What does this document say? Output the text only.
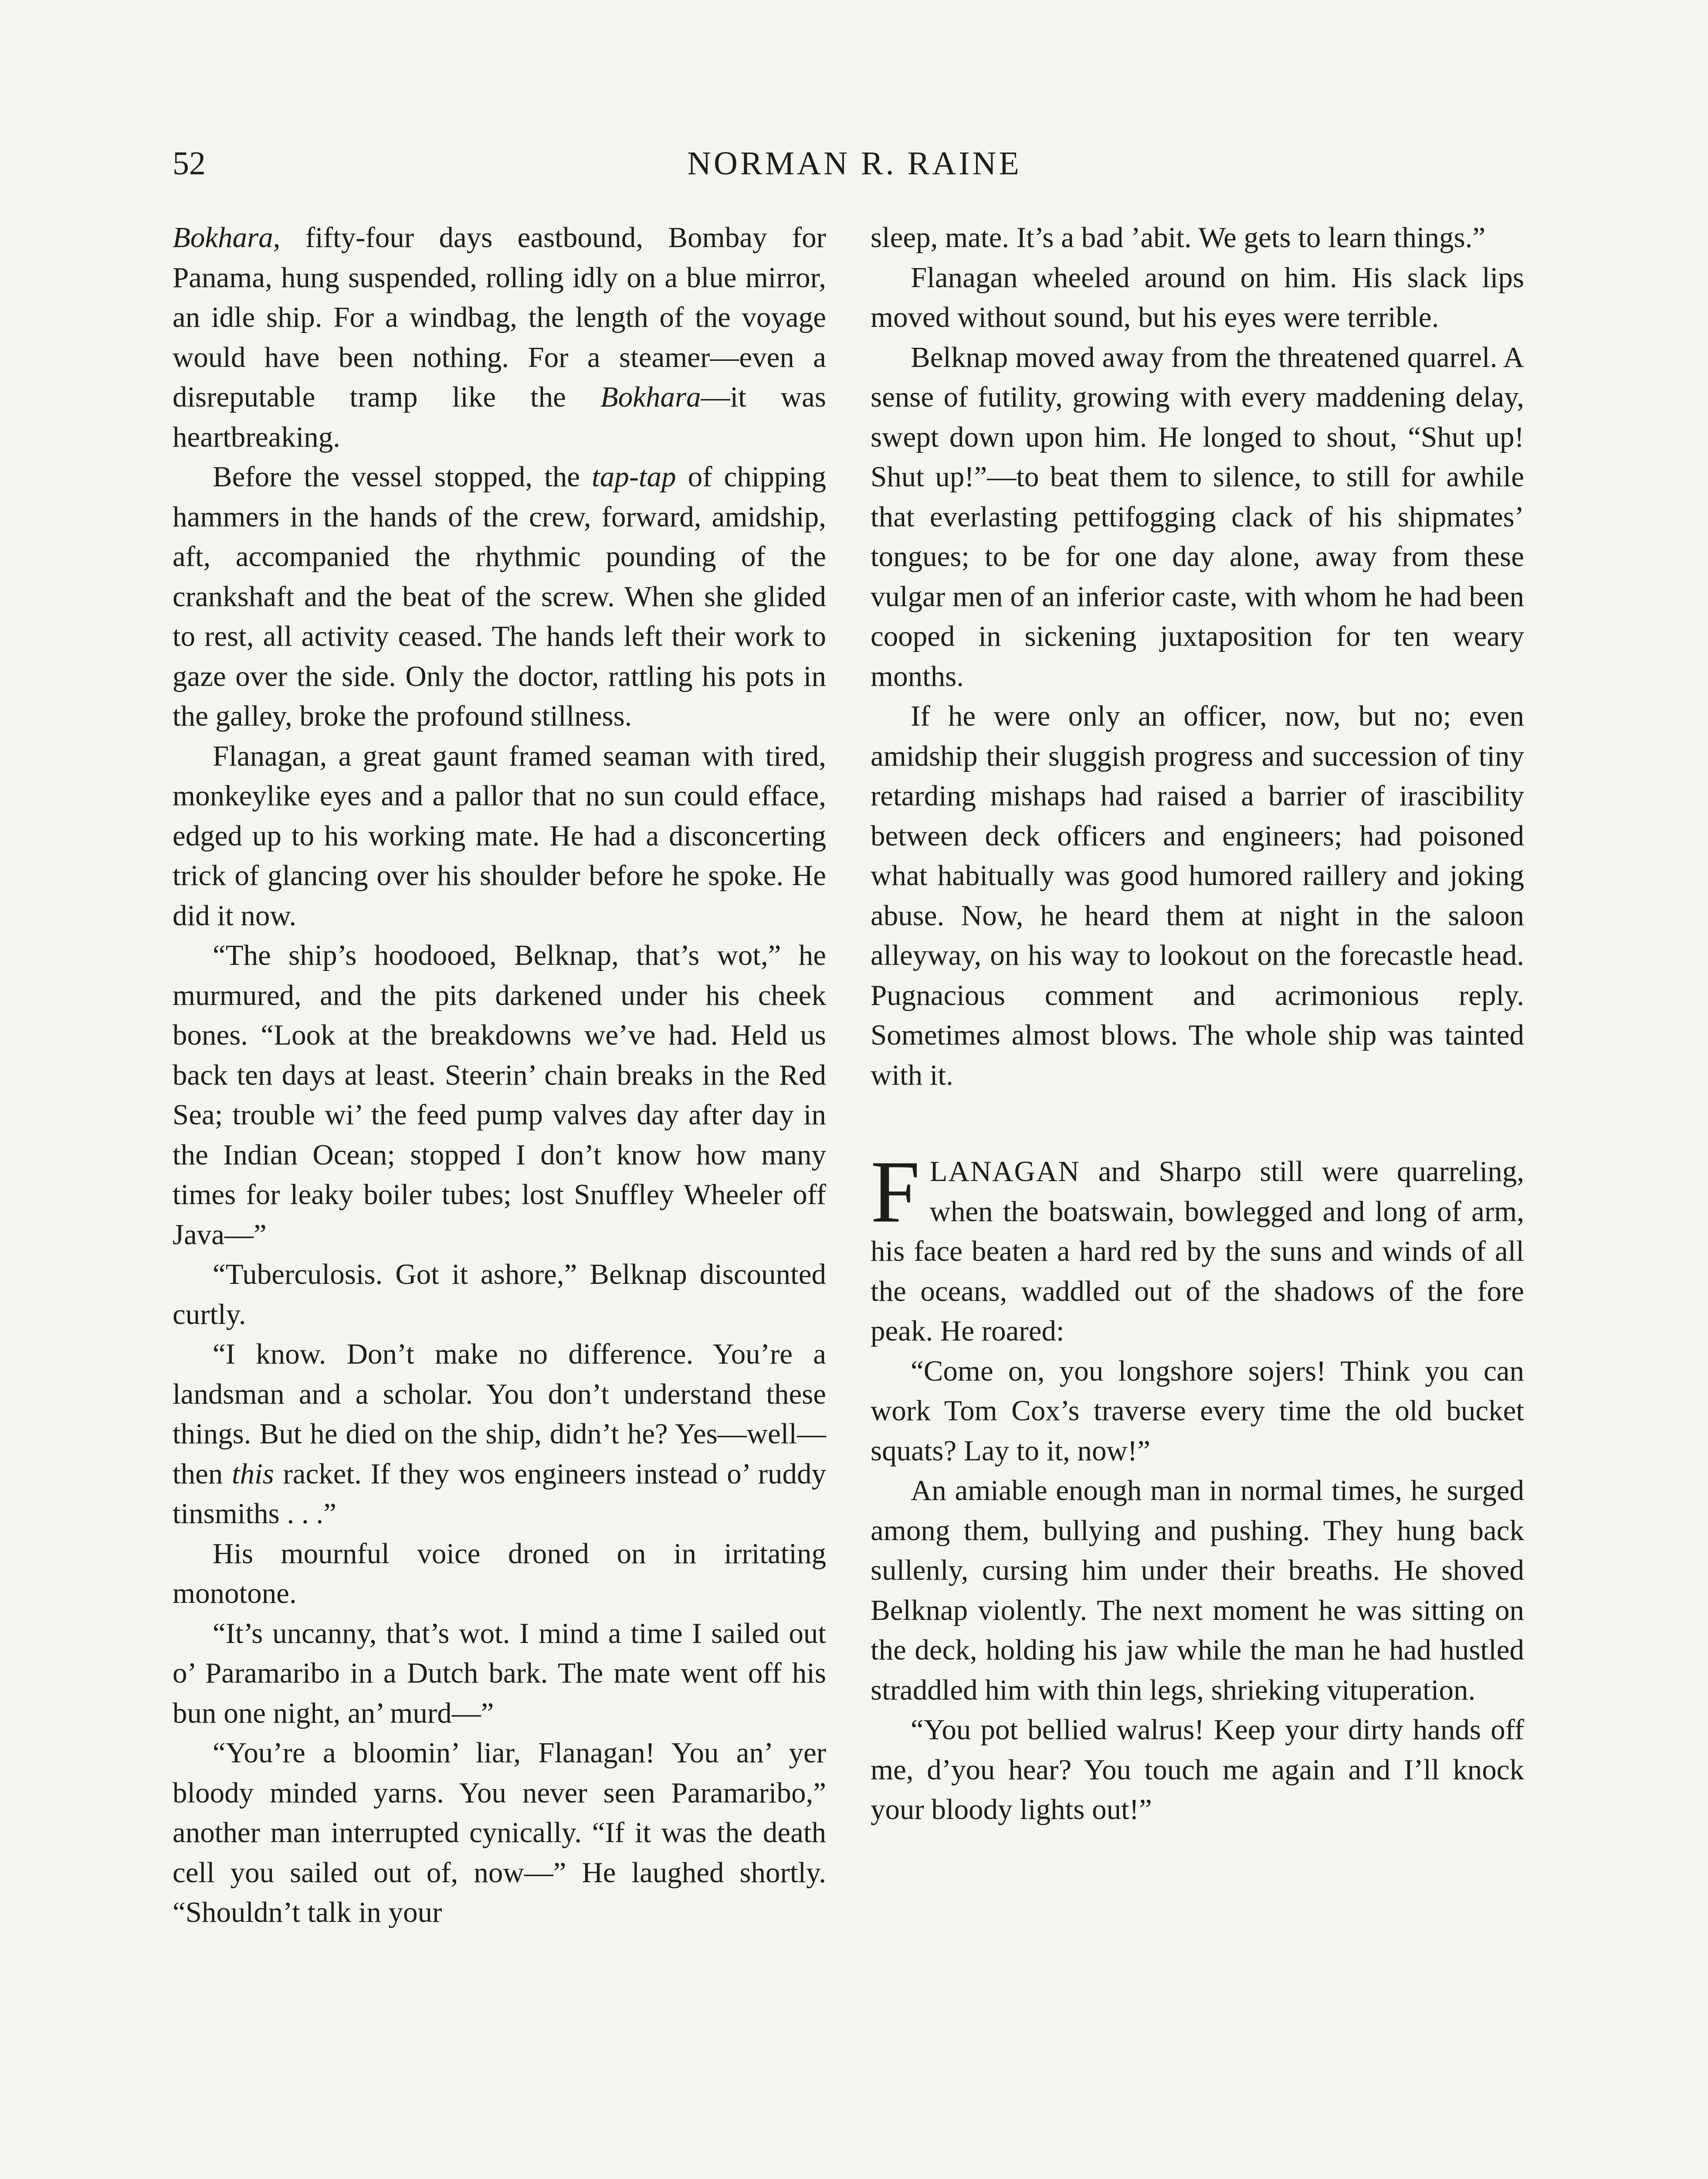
52	NORMAN R. RAINE

Bokhara, fifty-four days eastbound, Bombay for Panama, hung suspended, rolling idly on a blue mirror, an idle ship. For a windbag, the length of the voyage would have been nothing. For a steamer—even a disreputable tramp like the Bokhara—it was heartbreaking.

Before the vessel stopped, the tap-tap of chipping hammers in the hands of the crew, forward, amidship, aft, accompanied the rhythmic pounding of the crankshaft and the beat of the screw. When she glided to rest, all activity ceased. The hands left their work to gaze over the side. Only the doctor, rattling his pots in the galley, broke the profound stillness.

Flanagan, a great gaunt framed seaman with tired, monkeylike eyes and a pallor that no sun could efface, edged up to his working mate. He had a disconcerting trick of glancing over his shoulder before he spoke. He did it now.

“The ship’s hoodooed, Belknap, that’s wot,” he murmured, and the pits darkened under his cheek bones. “Look at the breakdowns we’ve had. Held us back ten days at least. Steerin’ chain breaks in the Red Sea; trouble wi’ the feed pump valves day after day in the Indian Ocean; stopped I don’t know how many times for leaky boiler tubes; lost Snuffley Wheeler off Java—”

“Tuberculosis. Got it ashore,” Belknap discounted curtly.

“I know. Don’t make no difference. You’re a landsman and a scholar. You don’t understand these things. But he died on the ship, didn’t he? Yes—well—then this racket. If they wos engineers instead o’ ruddy tinsmiths . . .”

His mournful voice droned on in irritating monotone.

“It’s uncanny, that’s wot. I mind a time I sailed out o’ Paramaribo in a Dutch bark. The mate went off his bun one night, an’ murd—”

“You’re a bloomin’ liar, Flanagan! You an’ yer bloody minded yarns. You never seen Paramaribo,” another man interrupted cynically. “If it was the death cell you sailed out of, now—” He laughed shortly. “Shouldn’t talk in your

sleep, mate. It’s a bad ’abit. We gets to learn things.”

Flanagan wheeled around on him. His slack lips moved without sound, but his eyes were terrible.

Belknap moved away from the threatened quarrel. A sense of futility, growing with every maddening delay, swept down upon him. He longed to shout, “Shut up! Shut up!”—to beat them to silence, to still for awhile that everlasting pettifogging clack of his shipmates’ tongues; to be for one day alone, away from these vulgar men of an inferior caste, with whom he had been cooped in sickening juxtaposition for ten weary months.

If he were only an officer, now, but no; even amidship their sluggish progress and succession of tiny retarding mishaps had raised a barrier of irascibility between deck officers and engineers; had poisoned what habitually was good humored raillery and joking abuse. Now, he heard them at night in the saloon alleyway, on his way to lookout on the forecastle head. Pugnacious comment and acrimonious reply. Sometimes almost blows. The whole ship was tainted with it.

FLANAGAN and Sharpo still were quarreling, when the boatswain, bowlegged and long of arm, his face beaten a hard red by the suns and winds of all the oceans, waddled out of the shadows of the fore peak. He roared:

“Come on, you longshore sojers! Think you can work Tom Cox’s traverse every time the old bucket squats? Lay to it, now!”

An amiable enough man in normal times, he surged among them, bullying and pushing. They hung back sullenly, cursing him under their breaths. He shoved Belknap violently. The next moment he was sitting on the deck, holding his jaw while the man he had hustled straddled him with thin legs, shrieking vituperation.

“You pot bellied walrus! Keep your dirty hands off me, d’you hear? You touch me again and I’ll knock your bloody lights out!”
